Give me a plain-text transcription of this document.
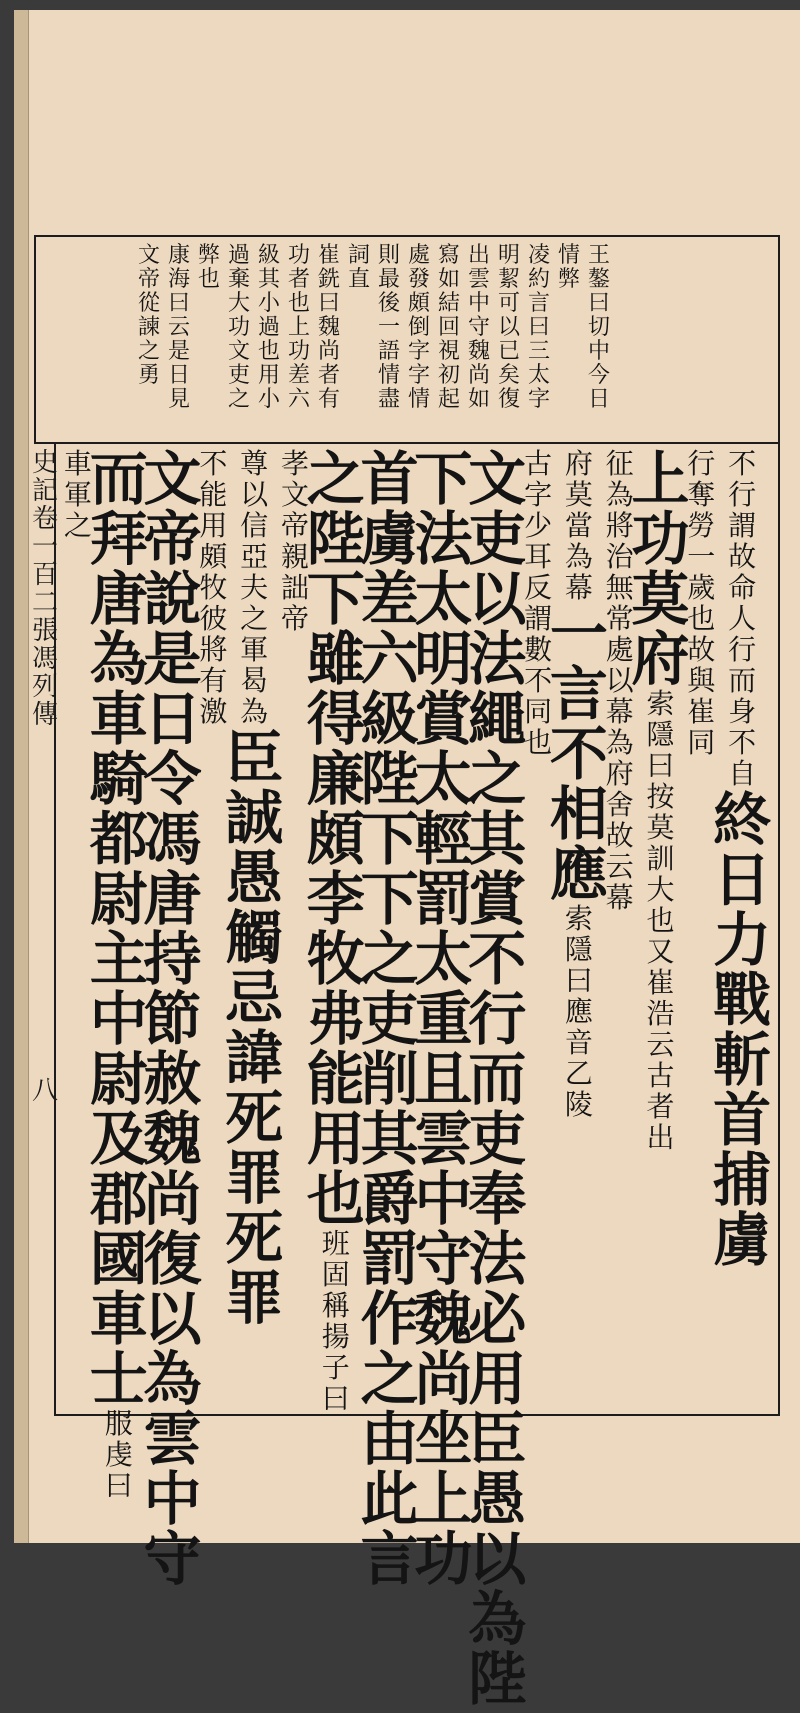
王
鏊
曰
切
中
今
日
情
弊
凌
約
言
曰
三
太
字
明
絜
可
以
已
矣
復
出
雲
中
守
魏
尚
如
寫
如
結
回
視
初
起
處
發
頗
倒
字
字
情
則
最
後
一
語
情
盡
詞
直
崔
銑
曰
魏
尚
者
有
功
者
也
上
功
差
六
級
其
小
過
也
用
小
過
棄
大
功
文
吏
之
弊
也
康
海
曰
云
是
日
見
文
帝
從
諫
之
勇
不
行
謂
故
命
人
行
而
身
不
自
終
日
力
戰
斬
首
捕
虜
行
奪
勞
一
歲
也
故
與
崔
同
上
功
莫
府
索
隱
曰
按
莫
訓
大
也
又
崔
浩
云
古
者
出
征
為
將
治
無
常
處
以
幕
為
府
舍
故
云
幕
府
莫
當
為
幕
一
言
不
相
應
索
隱
曰
應
音
乙
陵
古
字
少
耳
反
謂
數
不
同
也
文
吏
以
法
繩
之
其
賞
不
行
而
吏
奉
法
必
用
臣
愚
以
為
陛
下
法
太
明
賞
太
輕
罰
太
重
且
雲
中
守
魏
尚
坐
上
功
首
虜
差
六
級
陛
下
下
之
吏
削
其
爵
罰
作
之
由
此
言
之
陛
下
雖
得
廉
頗
李
牧
弗
能
用
也
班
固
稱
揚
子
曰
孝
文
帝
親
詘
帝
尊
以
信
亞
夫
之
軍
曷
為
臣
誠
愚
觸
忌
諱
死
罪
死
罪
不
能
用
頗
牧
彼
將
有
激
文
帝
說
是
日
令
馮
唐
持
節
赦
魏
尚
復
以
為
雲
中
守
而
拜
唐
為
車
騎
都
尉
主
中
尉
及
郡
國
車
士
服
虔
曰
車
軍
之
史
記
卷
一
百
二
張
馮
列
傳
八
